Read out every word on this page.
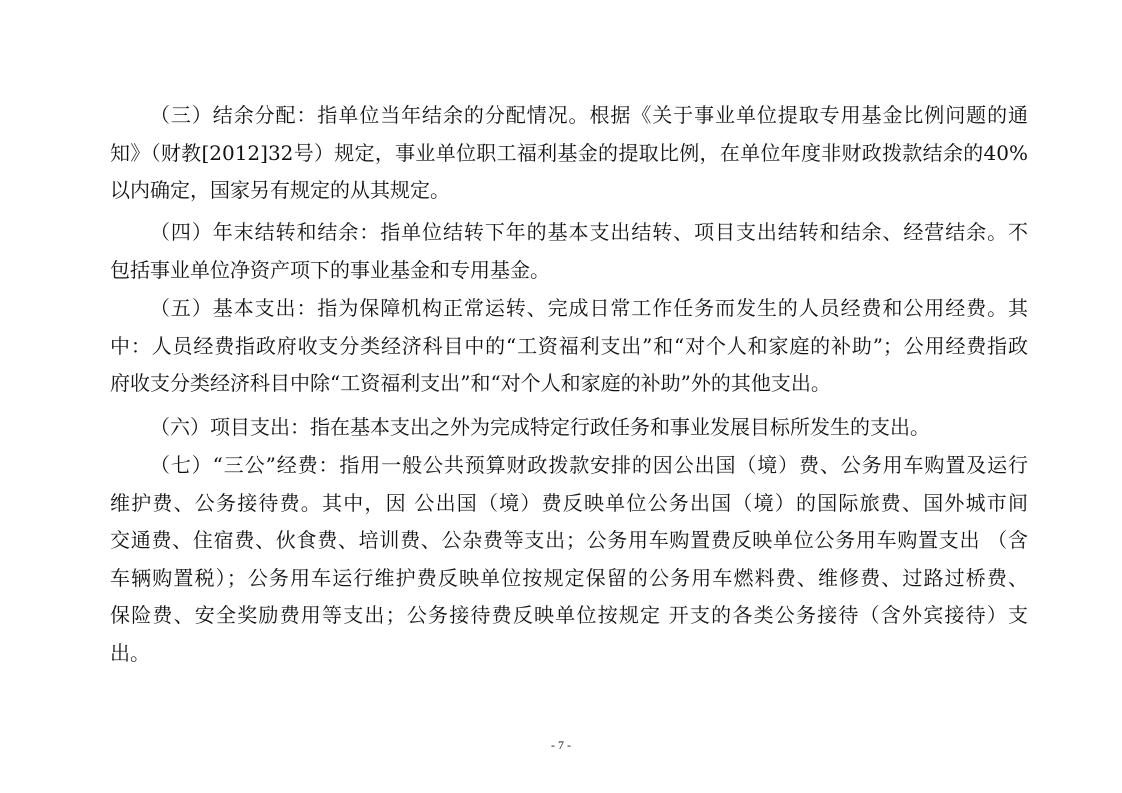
（三）结余分配：指单位当年结余的分配情况。根据《关于事业单位提取专用基金比例问题的通
知》（财教[2012]32号）规定，事业单位职工福利基金的提取比例，在单位年度非财政拨款结余的40%
以内确定，国家另有规定的从其规定。
（四）年末结转和结余：指单位结转下年的基本支出结转、项目支出结转和结余、经营结余。不
包括事业单位净资产项下的事业基金和专用基金。
（五）基本支出：指为保障机构正常运转、完成日常工作任务而发生的人员经费和公用经费。其
中：人员经费指政府收支分类经济科目中的“工资福利支出”和“对个人和家庭的补助”；公用经费指政
府收支分类经济科目中除“工资福利支出”和“对个人和家庭的补助”外的其他支出。
（六）项目支出：指在基本支出之外为完成特定行政任务和事业发展目标所发生的支出。
（七）“三公”经费：指用一般公共预算财政拨款安排的因公出国（境）费、公务用车购置及运行
维护费、公务接待费。其中，因 公出国（境）费反映单位公务出国（境）的国际旅费、国外城市间
交通费、住宿费、伙食费、培训费、公杂费等支出；公务用车购置费反映单位公务用车购置支出 （含
车辆购置税）；公务用车运行维护费反映单位按规定保留的公务用车燃料费、维修费、过路过桥费、
保险费、安全奖励费用等支出；公务接待费反映单位按规定 开支的各类公务接待（含外宾接待）支
出。
- 7 -
